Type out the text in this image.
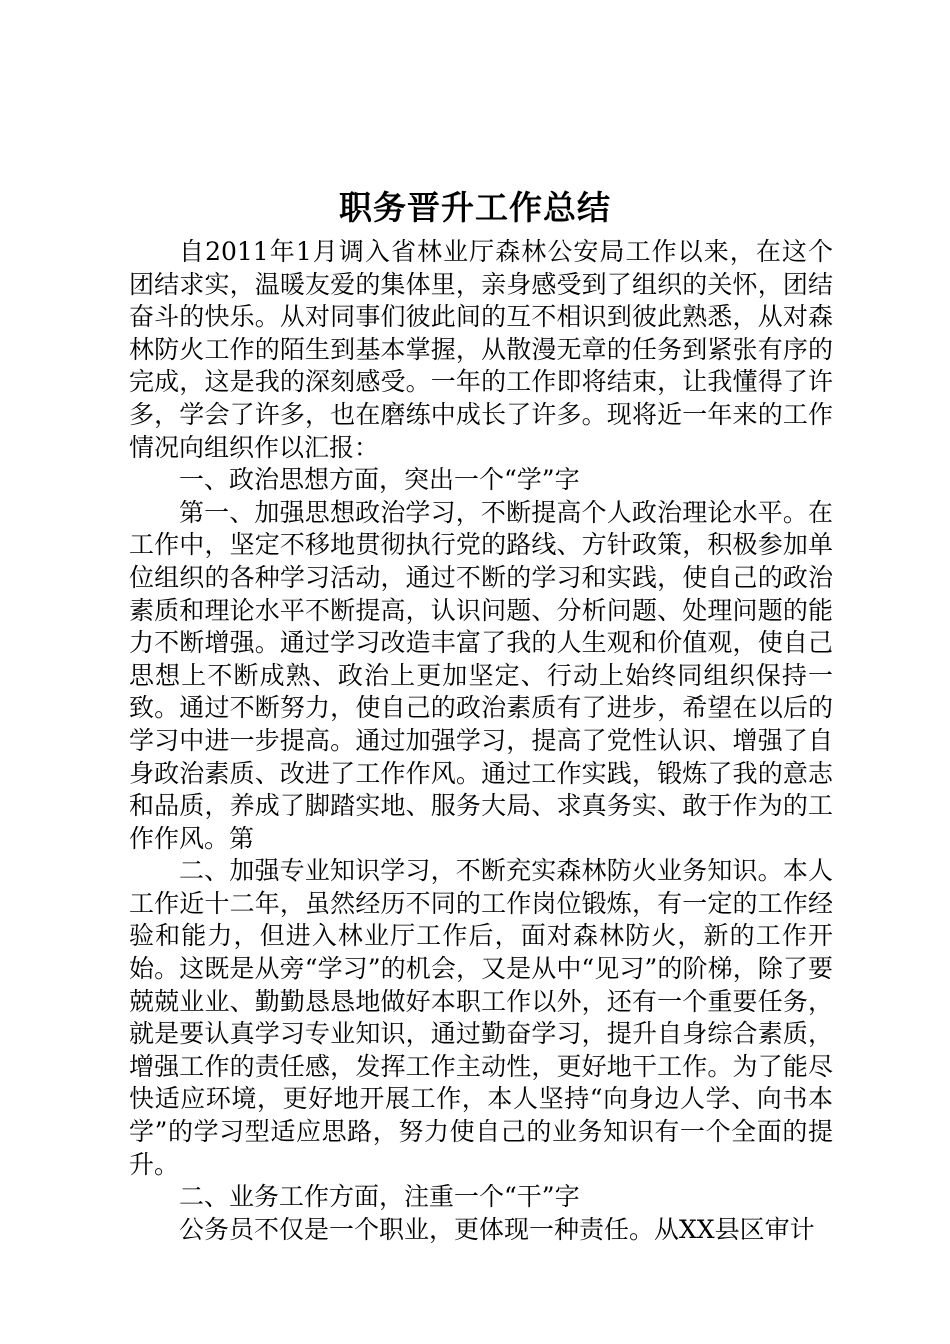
职务晋升工作总结

自2011年1月调入省林业厅森林公安局工作以来，在这个团结求实，温暖友爱的集体里，亲身感受到了组织的关怀，团结奋斗的快乐。从对同事们彼此间的互不相识到彼此熟悉，从对森林防火工作的陌生到基本掌握，从散漫无章的任务到紧张有序的完成，这是我的深刻感受。一年的工作即将结束，让我懂得了许多，学会了许多，也在磨练中成长了许多。现将近一年来的工作情况向组织作以汇报：

一、政治思想方面，突出一个“学”字

第一、加强思想政治学习，不断提高个人政治理论水平。在工作中，坚定不移地贯彻执行党的路线、方针政策，积极参加单位组织的各种学习活动，通过不断的学习和实践，使自己的政治素质和理论水平不断提高，认识问题、分析问题、处理问题的能力不断增强。通过学习改造丰富了我的人生观和价值观，使自己思想上不断成熟、政治上更加坚定、行动上始终同组织保持一致。通过不断努力，使自己的政治素质有了进步，希望在以后的学习中进一步提高。通过加强学习，提高了党性认识、增强了自身政治素质、改进了工作作风。通过工作实践，锻炼了我的意志和品质，养成了脚踏实地、服务大局、求真务实、敢于作为的工作作风。第

二、加强专业知识学习，不断充实森林防火业务知识。本人工作近十二年，虽然经历不同的工作岗位锻炼，有一定的工作经验和能力，但进入林业厅工作后，面对森林防火，新的工作开始。这既是从旁“学习”的机会，又是从中“见习”的阶梯，除了要兢兢业业、勤勤恳恳地做好本职工作以外，还有一个重要任务，就是要认真学习专业知识，通过勤奋学习，提升自身综合素质，增强工作的责任感，发挥工作主动性，更好地干工作。为了能尽快适应环境，更好地开展工作，本人坚持“向身边人学、向书本学”的学习型适应思路，努力使自己的业务知识有一个全面的提升。

二、业务工作方面，注重一个“干”字

公务员不仅是一个职业，更体现一种责任。从XX县区审计
